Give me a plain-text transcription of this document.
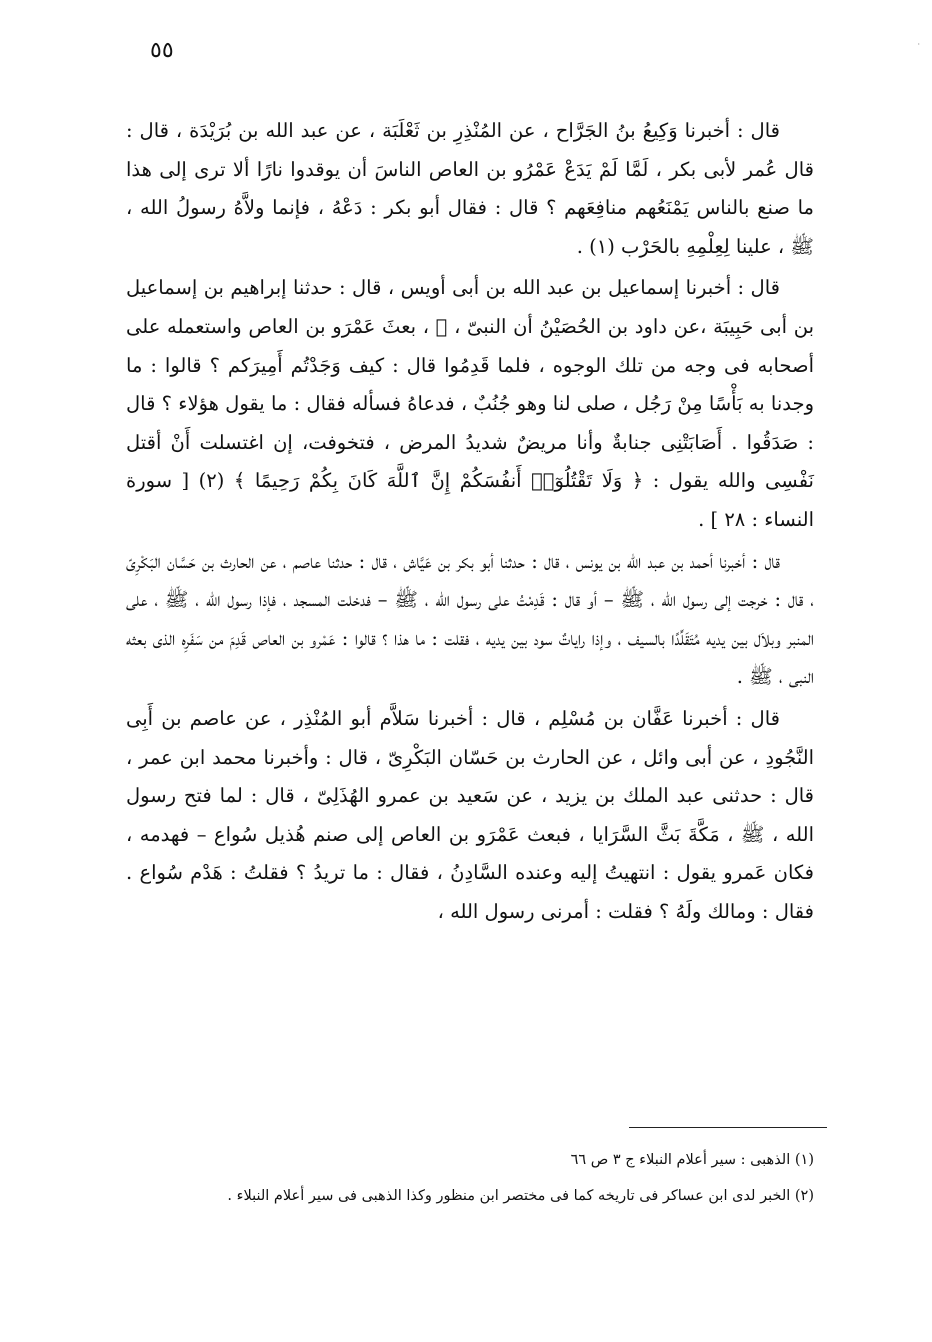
٥٥	·

قال : أخبرنا وَكِيعُ بنُ الجَرَّاح ، عن المُنْذِرِ بن ثَعْلَبَة ، عن عبد الله بن بُرَيْدَة ، قال : قال عُمر لأبى بكر ، لَمَّا لَمْ يَدَعْ عَمْرُو بن العاص الناسَ أن يوقدوا نارًا ألا ترى إلى هذا ما صنع بالناس يَمْنَعُهم منافِعَهم ؟ قال : فقال أبو بكر : دَعْهُ ، فإنما ولاَّهُ رسولُ الله ، ﷺ ، علينا لِعِلْمِهِ بالحَرْب (١) .

قال : أخبرنا إسماعيل بن عبد الله بن أبى أويس ، قال : حدثنا إبراهيم بن إسماعيل بن أبى حَبِيبَة ،عن داود بن الحُصَيْنُ أن النبىّ ، ﷺ ، بعثَ عَمْرَو بن العاص واستعمله على أصحابه فى وجه من تلك الوجوه ، فلما قَدِمُوا قال : كيف وَجَدْتُم أَمِيرَكم ؟ قالوا : ما وجدنا به بَأْسًا مِنْ رَجُل ، صلى لنا وهو جُنُبٌ ، فدعاهُ فسأله فقال : ما يقول هؤلاء ؟ قال : صَدَقُوا . أَصَابَتْنِى جنابةٌ وأنا مريضٌ شديدُ المرض ، فتخوفت، إن اغتسلت أَنْ أقتل نَفْسِى والله يقول : ﴿ وَلَا تَقْتُلُوٓا۟ أَنفُسَكُمْ إِنَّ ٱللَّهَ كَانَ بِكُمْ رَحِيمًا ﴾ (٢) [ سورة النساء : ٢٨ ] .

قال : أخبرنا أحمد بن عبد الله بن يونس ، قال : حدثنا أبو بكر بن عَيَّاش ، قال : حدثنا عاصم ، عن الحارث بن حَسَّان البَكْرِىّ ، قال : خرجت إلى رسول الله ، ﷺ – أو قال : قَدِمْتُ على رسول الله ، ﷺ – فدخلت المسجد ، فإذا رسول الله ، ﷺ ، على المنبر وبلاَل بين يديه مُتَقَلِّدًا بالسيف ، وإذا راياتٌ سود بين يديه ، فقلت : ما هذا ؟ قالوا : عَمْرو بن العاص قَدِمَ من سَفَرِه الذى بعثه النبى ، ﷺ .

قال : أخبرنا عَفَّان بن مُسْلِم ، قال : أخبرنا سَلاَّم أبو المُنْذِر ، عن عاصم بن أَبِى النَّجُودِ ، عن أبى وائل ، عن الحارث بن حَسّان البَكْرِىّ ، قال : وأخبرنا محمد ابن عمر ، قال : حدثنى عبد الملك بن يزيد ، عن سَعيد بن عمرو الهُذَلِىّ ، قال : لما فتح رسول الله ، ﷺ ، مَكَّةَ بَثَّ السَّرَايا ، فبعث عَمْرَو بن العاص إلى صنم هُذيل سُواع – فهدمه ، فكان عَمرو يقول : انتهيتُ إليه وعنده السَّادِنُ ، فقال : ما تريدُ ؟ فقلتُ : هَدْم سُواع . فقال : ومالك ولَهُ ؟ فقلت : أمرنى رسول الله ،

(١) الذهبى : سير أعلام النبلاء ج ٣ ص ٦٦

(٢) الخبر لدى ابن عساكر فى تاريخه كما فى مختصر ابن منظور وكذا الذهبى فى سير أعلام النبلاء .
